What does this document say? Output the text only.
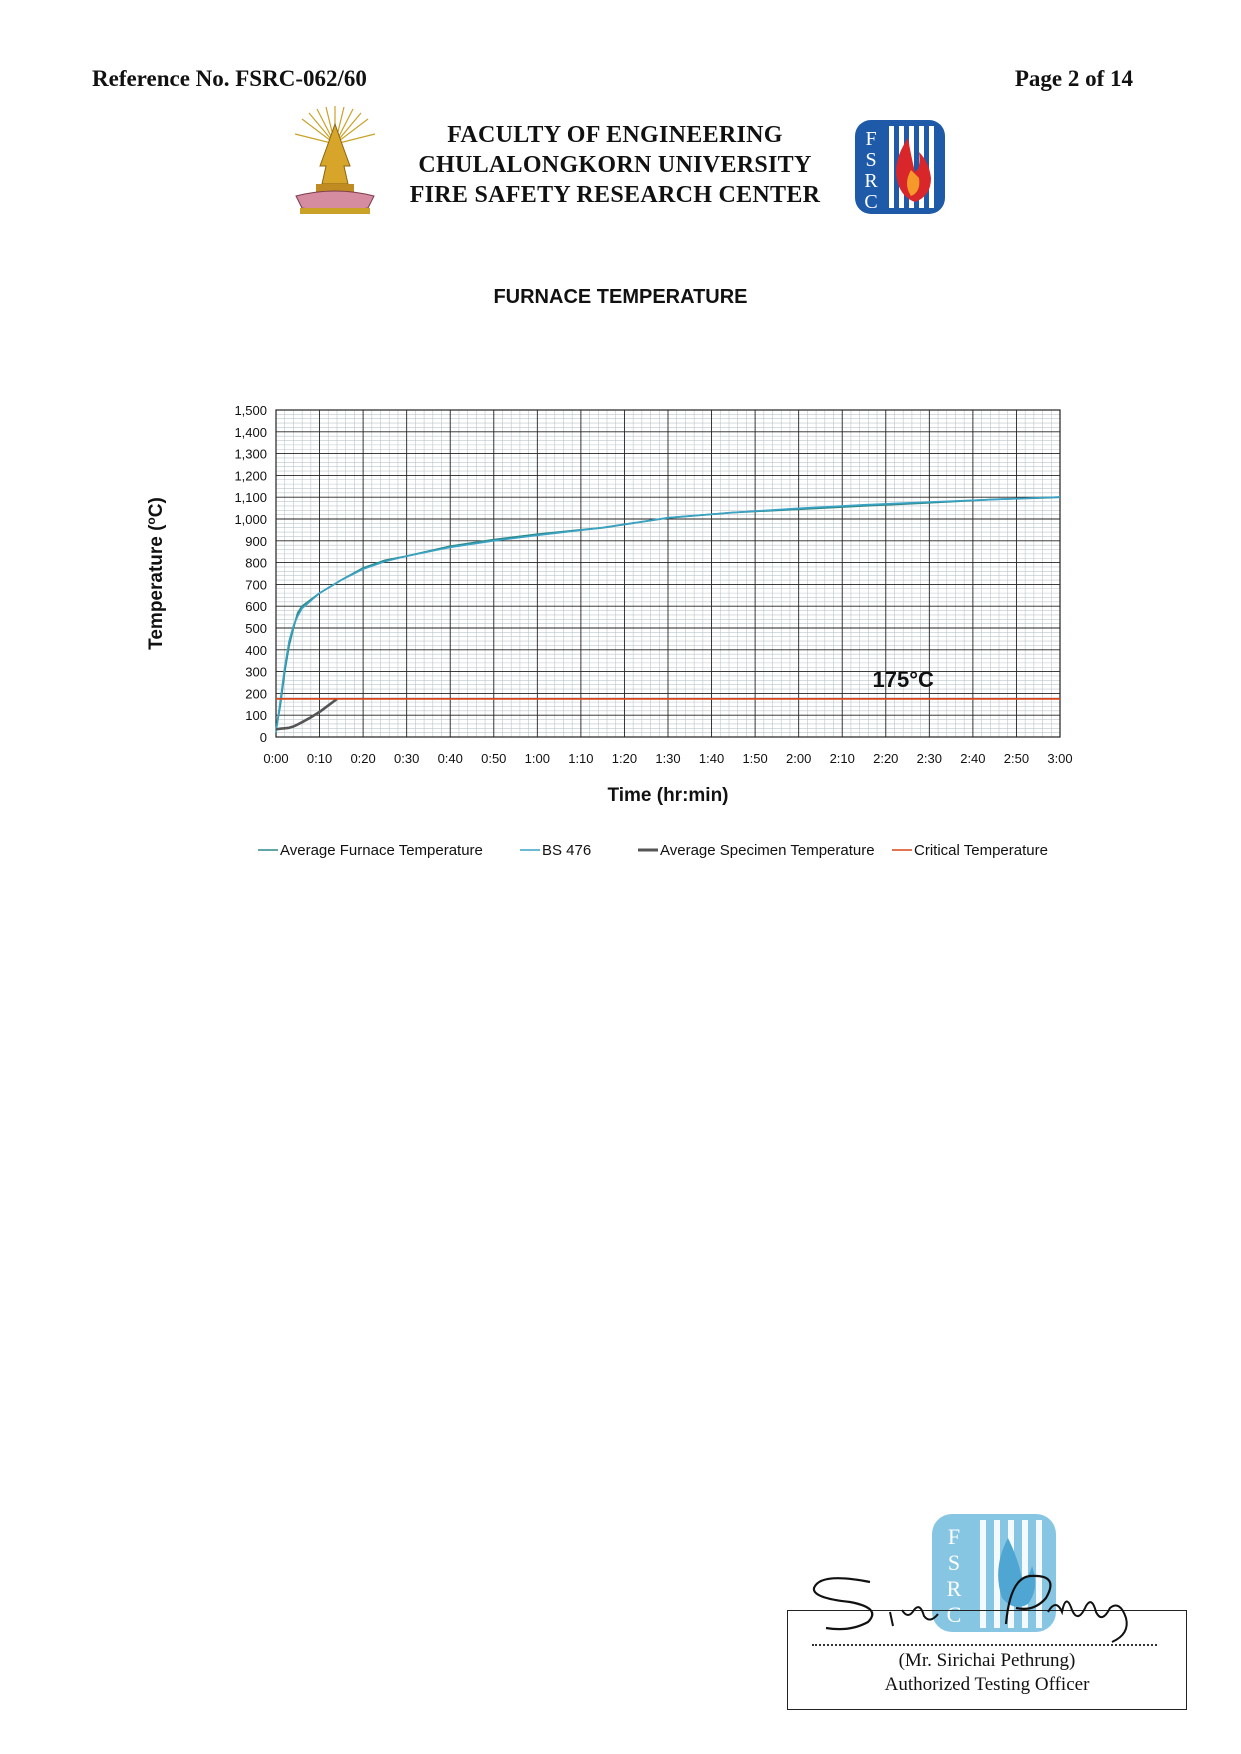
Reference No. FSRC-062/60	Page 2 of 14
FACULTY OF ENGINEERING
CHULALONGKORN UNIVERSITY
FIRE SAFETY RESEARCH CENTER
F
S
R
C
FURNACE TEMPERATURE
0
100
200
300
400
500
600
700
800
900
1,000
1,100
1,200
1,300
1,400
1,500
0:00 0:10 0:20 0:30 0:40 0:50 1:00 1:10 1:20 1:30 1:40 1:50 2:00 2:10 2:20 2:30 2:40 2:50 3:00
175°C
Temperature ($^o$C)
Time (hr:min)
Average Furnace Temperature	BS 476	Average Specimen Temperature	Critical Temperature
F
S
R
C
(Mr. Sirichai Pethrung)
Authorized Testing Officer
